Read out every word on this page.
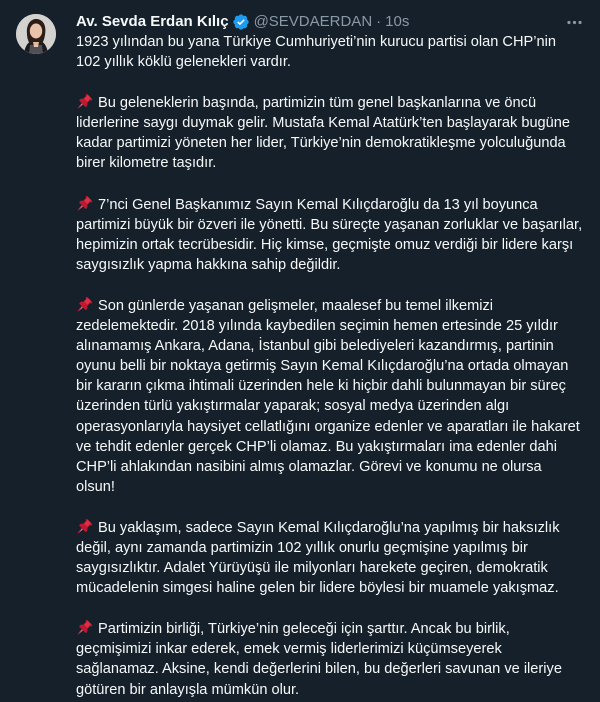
Av. Sevda Erdan Kılıç @SEVDAERDAN · 10s

1923 yılından bu yana Türkiye Cumhuriyeti’nin kurucu partisi olan CHP’nin 102 yıllık köklü gelenekleri vardır.

Bu geleneklerin başında, partimizin tüm genel başkanlarına ve öncü liderlerine saygı duymak gelir. Mustafa Kemal Atatürk’ten başlayarak bugüne kadar partimizi yöneten her lider, Türkiye’nin demokratikleşme yolculuğunda birer kilometre taşıdır.

7’nci Genel Başkanımız Sayın Kemal Kılıçdaroğlu da 13 yıl boyunca partimizi büyük bir özveri ile yönetti. Bu süreçte yaşanan zorluklar ve başarılar, hepimizin ortak tecrübesidir. Hiç kimse, geçmişte omuz verdiği bir lidere karşı saygısızlık yapma hakkına sahip değildir.

Son günlerde yaşanan gelişmeler, maalesef bu temel ilkemizi zedelemektedir. 2018 yılında kaybedilen seçimin hemen ertesinde 25 yıldır alınamamış Ankara, Adana, İstanbul gibi belediyeleri kazandırmış, partinin oyunu belli bir noktaya getirmiş Sayın Kemal Kılıçdaroğlu’na ortada olmayan bir kararın çıkma ihtimali üzerinden hele ki hiçbir dahli bulunmayan bir süreç üzerinden türlü yakıştırmalar yaparak; sosyal medya üzerinden algı operasyonlarıyla haysiyet cellatlığını organize edenler ve aparatları ile hakaret ve tehdit edenler gerçek CHP’li olamaz. Bu yakıştırmaları ima edenler dahi CHP’li ahlakından nasibini almış olamazlar. Görevi ve konumu ne olursa olsun!

Bu yaklaşım, sadece Sayın Kemal Kılıçdaroğlu’na yapılmış bir haksızlık değil, aynı zamanda partimizin 102 yıllık onurlu geçmişine yapılmış bir saygısızlıktır. Adalet Yürüyüşü ile milyonları harekete geçiren, demokratik mücadelenin simgesi haline gelen bir lidere böylesi bir muamele yakışmaz.

Partimizin birliği, Türkiye’nin geleceği için şarttır. Ancak bu birlik, geçmişimizi inkar ederek, emek vermiş liderlerimizi küçümseyerek sağlanamaz. Aksine, kendi değerlerini bilen, bu değerleri savunan ve ileriye götüren bir anlayışla mümkün olur.
